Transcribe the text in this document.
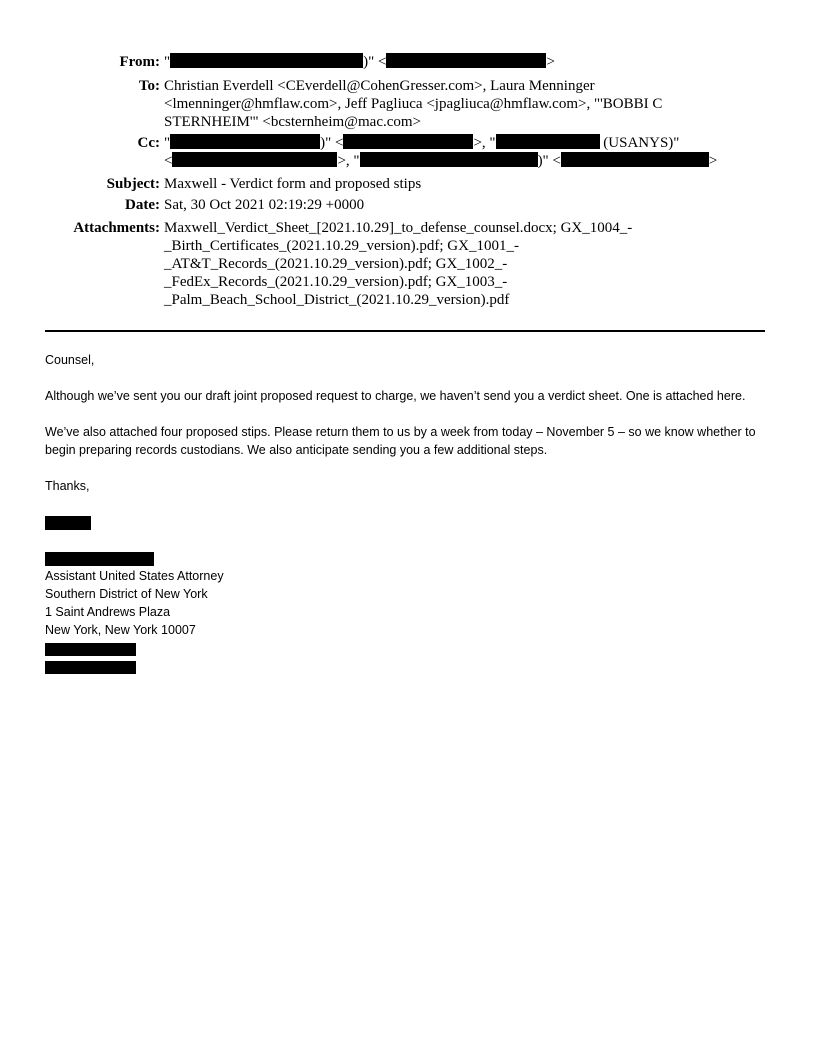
From: "	)" <	>
To: Christian Everdell <CEverdell@CohenGresser.com>, Laura Menninger
<lmenninger@hmflaw.com>, Jeff Pagliuca <jpagliuca@hmflaw.com>, "'BOBBI C
STERNHEIM'" <bcsternheim@mac.com>
Cc: "	)" <	>, "	(USANYS)"
<	>, "	)" <	>
Subject: Maxwell - Verdict form and proposed stips
Date: Sat, 30 Oct 2021 02:19:29 +0000
Attachments: Maxwell_Verdict_Sheet_[2021.10.29]_to_defense_counsel.docx; GX_1004_-
_Birth_Certificates_(2021.10.29_version).pdf; GX_1001_-
_AT&T_Records_(2021.10.29_version).pdf; GX_1002_-
_FedEx_Records_(2021.10.29_version).pdf; GX_1003_-
_Palm_Beach_School_District_(2021.10.29_version).pdf

Counsel,

Although we’ve sent you our draft joint proposed request to charge, we haven’t send you a verdict sheet. One is attached here.

We’ve also attached four proposed stips. Please return them to us by a week from today – November 5 – so we know whether to begin preparing records custodians. We also anticipate sending you a few additional steps.

Thanks,

Assistant United States Attorney

Southern District of New York

1 Saint Andrews Plaza

New York, New York 10007
